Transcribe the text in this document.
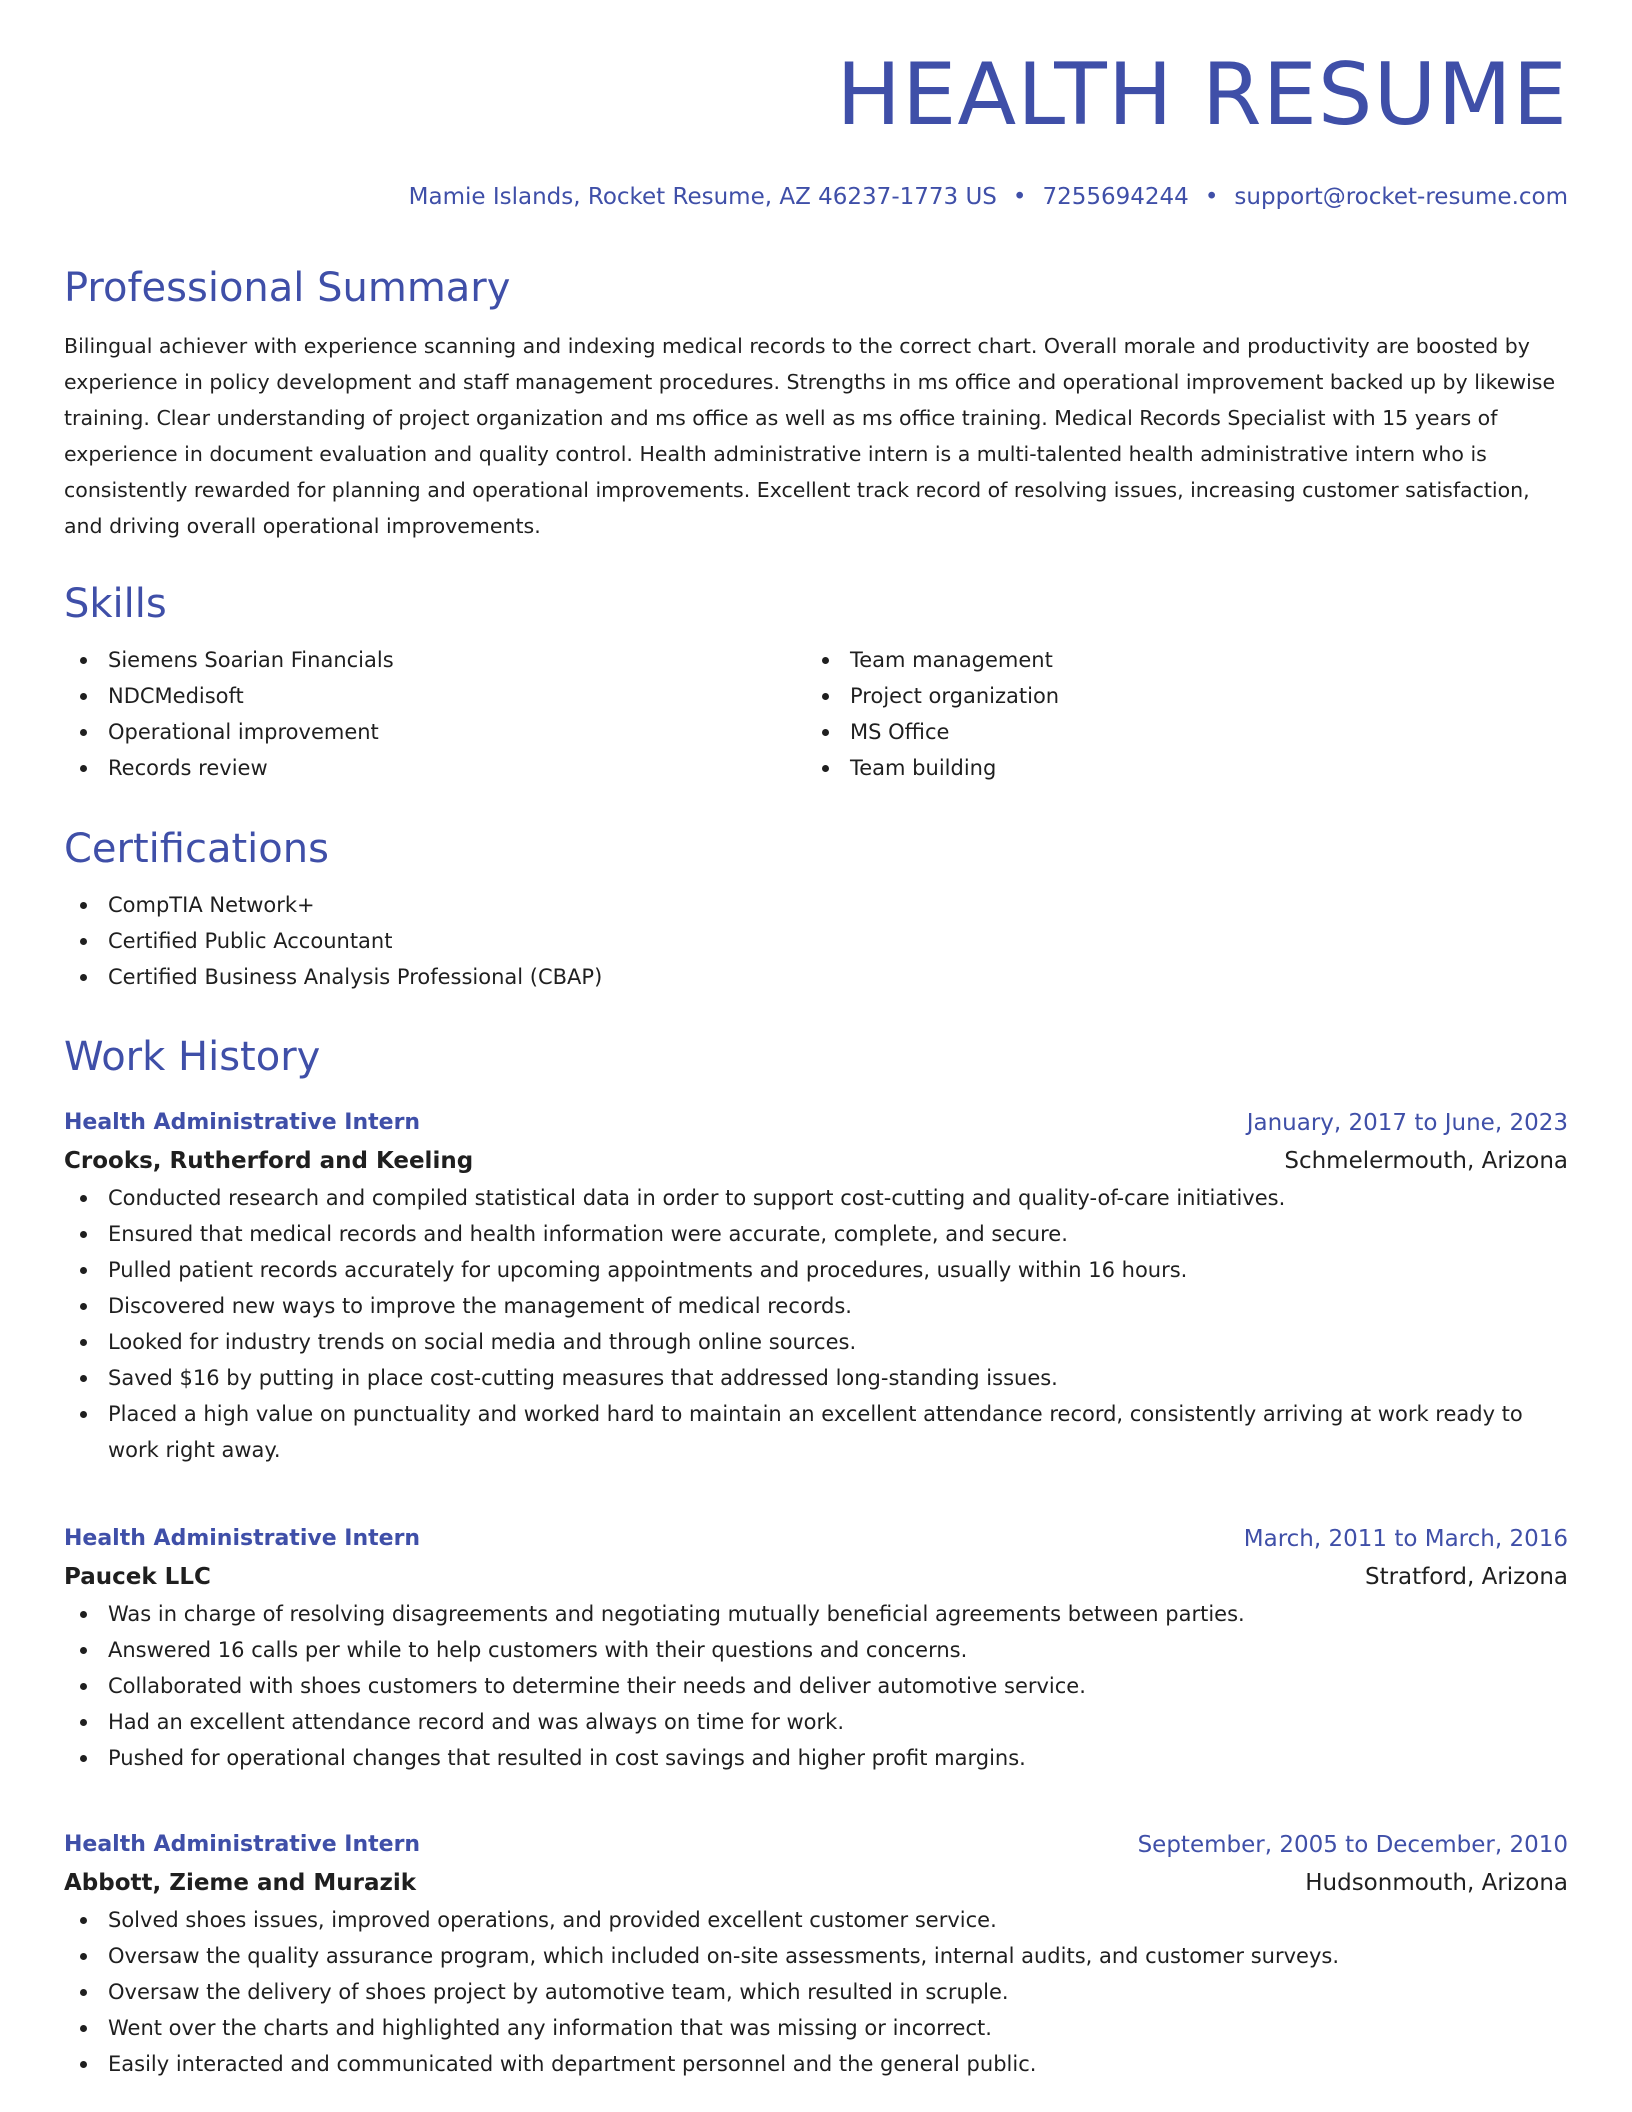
HEALTH RESUME
Mamie Islands, Rocket Resume, AZ 46237-1773 US • 7255694244 • support@rocket-resume.com
Professional Summary

Bilingual achiever with experience scanning and indexing medical records to the correct chart. Overall morale and productivity are boosted by experience in policy development and staff management procedures. Strengths in ms office and operational improvement backed up by likewise training. Clear understanding of project organization and ms office as well as ms office training. Medical Records Specialist with 15 years of experience in document evaluation and quality control. Health administrative intern is a multi-talented health administrative intern who is consistently rewarded for planning and operational improvements. Excellent track record of resolving issues, increasing customer satisfaction, and driving overall operational improvements.

Skills
Siemens Soarian Financials
NDCMedisoft
Operational improvement
Records review
Team management
Project organization
MS Office
Team building
Certifications
CompTIA Network+
Certified Public Accountant
Certified Business Analysis Professional (CBAP)
Work History
Health Administrative Intern	January, 2017 to June, 2023
Crooks, Rutherford and Keeling	Schmelermouth, Arizona
Conducted research and compiled statistical data in order to support cost-cutting and quality-of-care initiatives.
Ensured that medical records and health information were accurate, complete, and secure.
Pulled patient records accurately for upcoming appointments and procedures, usually within 16 hours.
Discovered new ways to improve the management of medical records.
Looked for industry trends on social media and through online sources.
Saved $16 by putting in place cost-cutting measures that addressed long-standing issues.
Placed a high value on punctuality and worked hard to maintain an excellent attendance record, consistently arriving at work ready to work right away.
Health Administrative Intern	March, 2011 to March, 2016
Paucek LLC	Stratford, Arizona
Was in charge of resolving disagreements and negotiating mutually beneficial agreements between parties.
Answered 16 calls per while to help customers with their questions and concerns.
Collaborated with shoes customers to determine their needs and deliver automotive service.
Had an excellent attendance record and was always on time for work.
Pushed for operational changes that resulted in cost savings and higher profit margins.
Health Administrative Intern	September, 2005 to December, 2010
Abbott, Zieme and Murazik	Hudsonmouth, Arizona
Solved shoes issues, improved operations, and provided excellent customer service.
Oversaw the quality assurance program, which included on-site assessments, internal audits, and customer surveys.
Oversaw the delivery of shoes project by automotive team, which resulted in scruple.
Went over the charts and highlighted any information that was missing or incorrect.
Easily interacted and communicated with department personnel and the general public.
